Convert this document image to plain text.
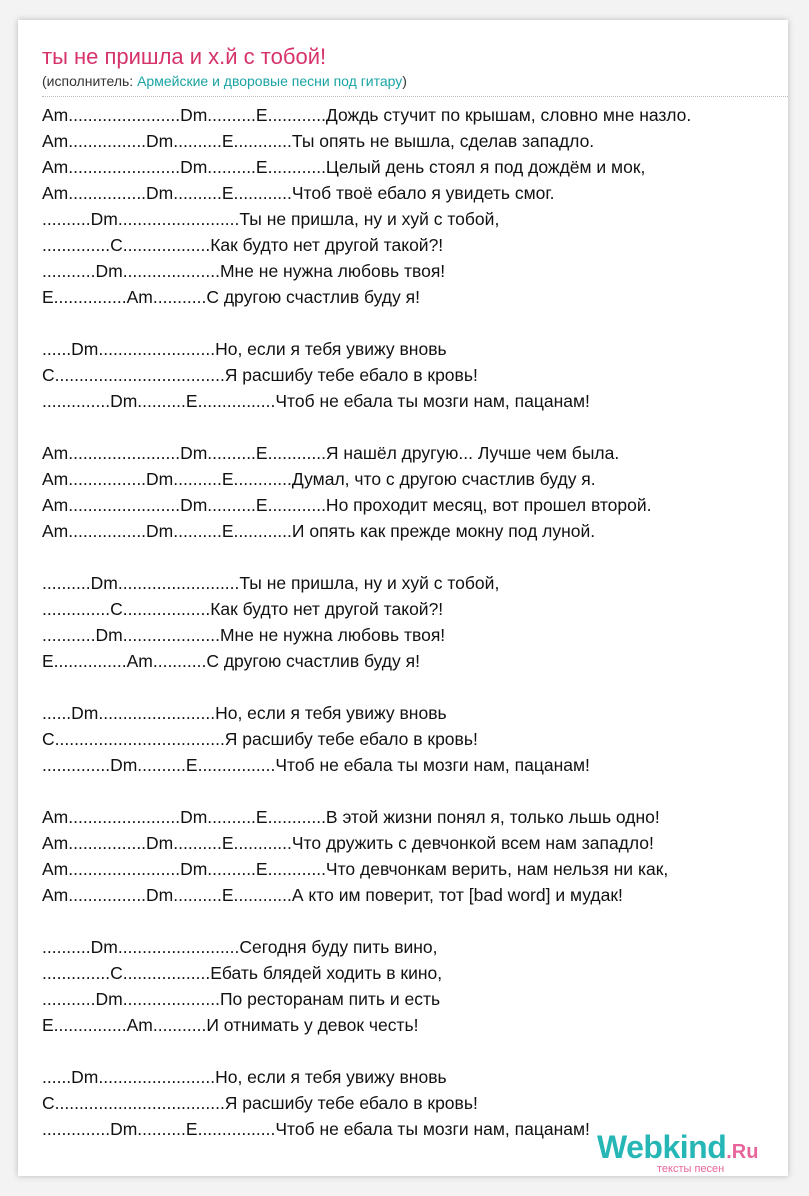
ты не пришла и х.й с тобой!
(исполнитель: Армейские и дворовые песни под гитару)
Am.......................Dm..........E............Дождь стучит по крышам, словно мне назло.
Am................Dm..........E............Ты опять не вышла, сделав западло.
Am.......................Dm..........E............Целый день стоял я под дождём и мок,
Am................Dm..........E............Чтоб твоё ебало я увидеть смог.
..........Dm.........................Ты не пришла, ну и хуй с тобой,
..............C..................Как будто нет другой такой?!
...........Dm....................Мне не нужна любовь твоя!
E...............Am...........С другою счастлив буду я!
......Dm........................Но, если я тебя увижу вновь
C...................................Я расшибу тебе ебало в кровь!
..............Dm..........E................Чтоб не ебала ты мозги нам, пацанам!
Am.......................Dm..........E............Я нашёл другую... Лучше чем была.
Am................Dm..........E............Думал, что с другою счастлив буду я.
Am.......................Dm..........E............Но проходит месяц, вот прошел второй.
Am................Dm..........E............И опять как прежде мокну под луной.
..........Dm.........................Ты не пришла, ну и хуй с тобой,
..............C..................Как будто нет другой такой?!
...........Dm....................Мне не нужна любовь твоя!
E...............Am...........С другою счастлив буду я!
......Dm........................Но, если я тебя увижу вновь
C...................................Я расшибу тебе ебало в кровь!
..............Dm..........E................Чтоб не ебала ты мозги нам, пацанам!
Am.......................Dm..........E............В этой жизни понял я, только льшь одно!
Am................Dm..........E............Что дружить с девчонкой всем нам западло!
Am.......................Dm..........E............Что девчонкам верить, нам нельзя ни как,
Am................Dm..........E............А кто им поверит, тот [bad word] и мудак!
..........Dm.........................Сегодня буду пить вино,
..............C..................Ебать блядей ходить в кино,
...........Dm....................По ресторанам пить и есть
E...............Am...........И отнимать у девок честь!
......Dm........................Но, если я тебя увижу вновь
C...................................Я расшибу тебе ебало в кровь!
..............Dm..........E................Чтоб не ебала ты мозги нам, пацанам! Webkind.Ru
тексты песен
